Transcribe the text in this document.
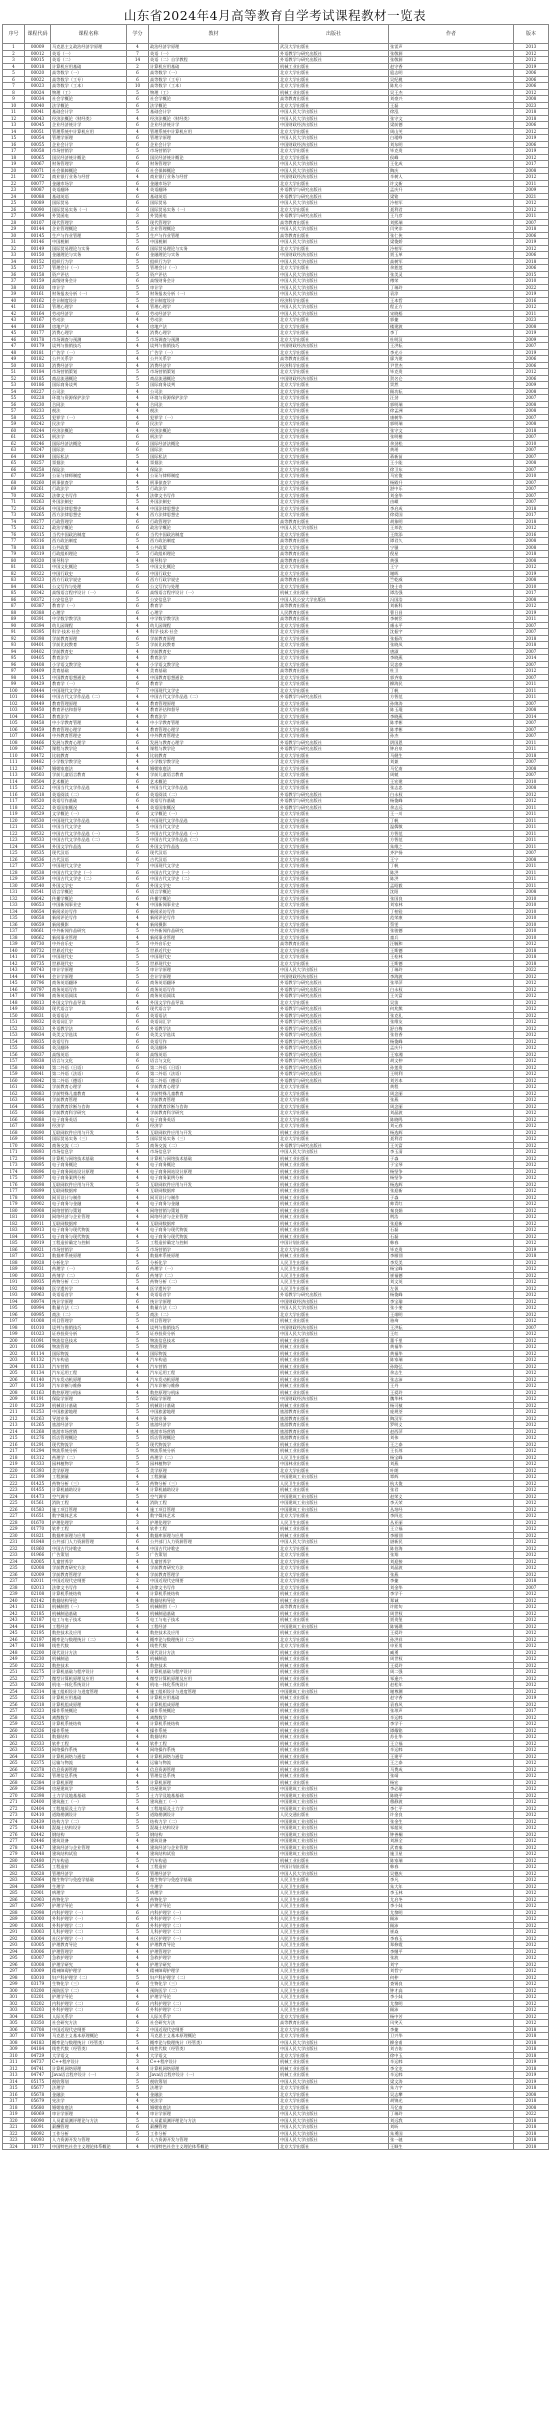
山东省2024年4月高等教育自学考试课程教材一览表
序号	课程代码	课程名称	学分	教材	出版社	作者	版本
1	00009	马克思主义政治经济学原理	4	政治经济学原理	武汉大学出版社	张雷声	2013
2	00012	英语（一）	7	英语（一）	外语教学与研究出版社	张敬源	2012
3	00015	英语（二）	14	英语（二）自学教程	外语教学与研究出版社	张敬源	2012
4	00018	计算机应用基础	2	计算机应用基础	机械工业出版社	赵守香	2019
5	00020	高等数学（一）	6	高等数学（一）	北京大学出版社	扈志明	2006
6	00022	高等数学（工专）	6	高等数学（工专）	北京大学出版社	吴纪桃	2006
7	00023	高等数学（工本）	10	高等数学（工本）	北京大学出版社	陈兆斗	2006
8	00024	物理（工）	5	物理（工）	机械工业出版社	吴王杰	2012
9	00034	社会学概论	6	社会学概论	高等教育出版社	刘豪兴	2008
10	00040	法学概论	6	法学概论	北京大学出版社	王磊	2023
11	00041	基础会计学	5	基础会计学	中国人民大学出版社	徐泓	2018
12	00043	经济法概论（财经类）	4	经济法概论（财经类）	中国人民大学出版社	张守文	2018
13	00045	企业经济统计学	6	企业经济统计学	中国财政经济出版社	梁前德	2006
14	00051	管理系统中计算机应用	4	管理系统中计算机应用	北京大学出版社	周山芙	2012
15	00054	管理学原理	6	管理学原理	中国人民大学出版社	白瑷峥	2019
16	00055	企业会计学	6	企业会计学	中国财政经济出版社	刘东明	2006
17	00058	市场营销学	5	市场营销学	北京大学出版社	毕克贵	2019
18	00065	国民经济统计概论	6	国民经济统计概论	北京大学出版社	侯峰	2012
19	00067	财务管理学	6	财务管理学	中国人民大学出版社	王化成	2017
20	00071	社会保障概论	6	社会保障概论	中国人民大学出版社	陶庆	2008
21	00072	商业银行业务与经营	4	商业银行业务与经营	中国财政经济出版社	辛树人	2012
22	00077	金融市场学	6	金融市场学	北京大学出版社	许文新	2011
23	00087	英语翻译	4	英语翻译	外语教学与研究出版社	孟庆升	2009
24	00088	基础英语	6	基础英语	外语教学与研究出版社	梁铭	2021
25	00089	国际贸易	6	国际贸易	中国人民大学出版社	冷柏军	2012
26	00090	国际贸易实务（一）	6	国际贸易实务（一）	北京大学出版社	聂利君	2012
27	00094	外贸函电	3	外贸函电	外语教学与研究出版社	王乃彦	2011
28	00107	现代管理学	6	现代管理学	高等教育出版社	刘熙瑞	2007
29	00144	企业管理概论	5	企业管理概论	中国人民大学出版社	闫笑非	2018
30	00145	生产与作业管理	5	生产与作业管理	高等教育出版社	张仁侠	2006
31	00146	中国税制	5	中国税制	中国人民大学出版社	梁俊娇	2019
32	00149	国际贸易理论与实务	6	国际贸易理论与实务	北京大学出版社	冷柏军	2012
33	00150	金融理论与实务	6	金融理论与实务	中国财政经济出版社	贾玉革	2006
34	00152	组织行为学	5	组织行为学	中国人民大学出版社	高树军	2018
35	00157	管理会计（一）	5	管理会计（一）	北京大学出版社	余恕莲	2006
36	00158	资产评估	5	资产评估	中国人民大学出版社	张美灵	2015
37	00159	高级财务会计	6	高级财务会计	中国人民大学出版社	傅荣	2010
38	00160	审计学	5	审计学	中国人民大学出版社	丁瑞玲	2022
39	00161	财务报表分析（一）	5	财务报表分析（一）	中国人民大学出版社	袁淳	2019
40	00162	会计制度设计	5	会计制度设计	经济科学出版社	王本哲	2016
41	00163	管理心理学	4	管理心理学	中国人民大学出版社	程正方	2012
42	00164	劳动经济学	6	劳动经济学	中国人民大学出版社	宋晓梧	2011
43	00167	劳动法	4	劳动法	北京大学出版社	郭捷	2023
44	00169	房地产法	4	房地产法	北京大学出版社	楼建波	2008
45	00177	消费心理学	4	消费心理学	北京大学出版社	李丁	2019
46	00178	市场调查与预测	5	市场调查与预测	北京大学出版社	杜明汉	2009
47	00179	谈判与推销技巧	4	谈判与推销技巧	中国财政经济出版社	王洪耘	2007
48	00181	广告学（一）	5	广告学（一）	北京大学出版社	李光斗	2019
49	00182	公共关系学	4	公共关系学	高等教育出版社	廖为建	2006
50	00183	消费经济学	4	消费经济学	经济科学出版社	尹世杰	2006
51	00184	市场营销策划	5	市场营销策划	北京大学出版社	毕克贵	2012
52	00185	商品流通概论	5	商品流通概论	中国财政经济出版社	贺名仑	2006
53	00186	国际商务谈判	5	国际商务谈判	北京大学出版社	窦然	2009
54	00227	公司法	4	公司法	北京大学出版社	顾功耘	2008
55	00228	环境与资源保护法学	4	环境与资源保护法学	北京大学出版社	汪劲	2007
56	00230	合同法	4	合同法	北京大学出版社	郭明瑞	2008
57	00233	税法	4	税法	北京大学出版社	徐孟洲	2008
58	00235	犯罪学（一）	4	犯罪学（一）	北京大学出版社	康树华	2007
59	00242	民法学	6	民法学	北京大学出版社	郭明瑞	2008
60	00244	经济法概论	4	经济法概论	北京大学出版社	张守文	2018
61	00245	刑法学	6	刑法学	北京大学出版社	张明楷	2007
62	00246	国际经济法概论	6	国际经济法概论	北京大学出版社	余劲松	2010
63	00247	国际法	6	国际法	北京大学出版社	黄瑶	2007
64	00249	国际私法	5	国际私法	北京大学出版社	蒋新苗	2007
65	00257	票据法	4	票据法	北京大学出版社	王小能	2008
66	00258	保险法	4	保险法	北京大学出版社	徐卫东	2007
67	00259	公证与律师制度	4	公证与律师制度	北京大学出版社	马宏俊	2010
68	00260	刑事侦查学	4	刑事侦查学	北京大学出版社	杨殿升	2007
69	00261	行政法学	5	行政法学	北京大学出版社	湛中乐	2007
70	00262	法律文书写作	4	法律文书写作	北京大学出版社	刘金华	2007
71	00263	外国法制史	5	外国法制史	北京大学出版社	由嵘	2007
72	00264	中国法律思想史	4	中国法律思想史	北京大学出版社	李启成	2018
73	00265	西方法律思想史	4	西方法律思想史	北京大学出版社	徐爱国	2017
74	00277	行政管理学	6	行政管理学	高等教育出版社	胡象明	2018
75	00312	政治学概论	6	政治学概论	中国人民大学出版社	王邦佐	2012
76	00315	当代中国政治制度	6	当代中国政治制度	北京大学出版社	王续添	2016
77	00316	西方政治制度	5	西方政治制度	高等教育出版社	谭君久	2008
78	00318	公共政策	4	公共政策	北京大学出版社	宁骚	2008
79	00319	行政组织理论	5	行政组织理论	高等教育出版社	倪星	2018
80	00320	领导科学	4	领导科学	高等教育出版社	黄强	2008
81	00321	中国文化概论	5	中国文化概论	北京大学出版社	王宁	2012
82	00322	中国行政史	6	中国行政史	北京大学出版社	谢晖	2019
83	00323	西方行政学说史	6	西方行政学说史	高等教育出版社	竺乾威	2008
84	00341	公文写作与处理	6	公文写作与处理	北京大学出版社	饶士奇	2010
85	00342	高级语言程序设计（一）	6	高级语言程序设计（一）	机械工业出版社	谭浩强	2017
86	00372	公安信息学	5	公安信息学	中国人民公安大学出版社	冯国浩	2008
87	00387	教育学（一）	6	教育学	高等教育出版社	刘新科	2012
88	00388	心理学	6	心理学	人民教育出版社	曹日昌	2019
89	00391	中学数学教学法	4	中学数学教学法	高等教育出版社	李树臣	2011
90	00394	幼儿园课程	4	幼儿园课程	北京大学出版社	虞永平	2007
91	00395	科学·技术·社会	4	科学·技术·社会	北京大学出版社	沈振宇	2007
92	00398	学前教育原理	6	学前教育原理	北京大学出版社	张振改	2018
93	00401	学前比较教育	5	学前比较教育	北京大学出版社	张晓凤	2018
94	00402	学前教育史	4	学前教育史	北京大学出版社	唐淑	2007
95	00405	教育法学	4	教育法学	北京大学出版社	李晓燕	2014
96	00408	小学语文教学论	4	小学语文教学论	北京大学出版社	吴忠豪	2007
97	00409	美育基础	4	美育基础	高等教育出版社	杜卫	2012
98	00415	中国教育思想通论	4	中国教育思想通论	北京大学出版社	郭齐家	2007
99	00429	教育学（一）	6	教育学	北京大学出版社	柳海民	2011
100	00444	中国现代文学史	7	中国现代文学史	北京大学出版社	丁帆	2011
101	00446	中国古代文学作品选（二）	4	中国古代文学作品选（二）	外语教学与研究出版社	方智范	2011
102	00449	教育管理原理	4	教育管理原理	北京大学出版社	孙绵涛	2007
103	00450	教育评估和督导	4	教育评估和督导	北京大学出版社	陈玉琨	2008
104	00453	教育法学	4	教育法学	北京大学出版社	李晓燕	2014
105	00458	中小学教育管理	4	中小学教育管理	北京大学出版社	陈孝彬	2007
106	00459	教育管理心理学	4	教育管理心理学	北京大学出版社	陈孝彬	2007
107	00464	中外教育管理史	4	中外教育管理史	北京大学出版社	孙杰	2007
108	00466	发展与教育心理学	6	发展与教育心理学	外语教学与研究出版社	阴国恩	2011
109	00467	课程与教学论	4	课程与教学论	外语教学与研究出版社	钟启泉	2011
110	00472	比较教育	4	比较教育	北京大学出版社	马健生	2018
111	00482	小学数学教学论	4	小学数学教学论	北京大学出版社	刘兼	2007
112	00487	婚姻家庭法	4	婚姻家庭法	北京大学出版社	马忆南	2008
113	00503	学前儿童语言教育	4	学前儿童语言教育	北京大学出版社	周兢	2007
114	00504	艺术概论	6	艺术概论	北京大学出版社	王宏建	2010
115	00512	中国当代文学作品选	4	中国当代文学作品选	北京大学出版社	张志忠	2008
116	00518	英语阅读（二）	6	英语阅读（二）	外语教学与研究出版社	白永权	2012
117	00520	英语写作基础	6	英语写作基础	外语教学与研究出版社	杨俊峰	2012
118	00522	英语国家概况	4	英语国家概况	外语教学与研究出版社	余志远	2011
119	00529	文学概论（一）	6	文学概论（一）	北京大学出版社	王一川	2011
120	00530	中国现代文学作品选	4	中国现代文学作品选	北京大学出版社	丁帆	2011
121	00531	中国当代文学史	5	中国当代文学史	北京大学出版社	温儒敏	2011
122	00532	中国古代文学作品选（一）	5	中国古代文学作品选（一）	北京大学出版社	方智范	2011
123	00533	中国古代文学作品选（二）	5	中国古代文学作品选（二）	北京大学出版社	方智范	2011
124	00534	外国文学作品选	6	外国文学作品选	北京大学出版社	朱维之	2011
125	00535	现代汉语	6	现代汉语	北京大学出版社	齐沪扬	2007
126	00536	古代汉语	6	古代汉语	北京大学出版社	王宁	2008
127	00537	中国现代文学史	7	中国现代文学史	北京大学出版社	丁帆	2011
128	00538	中国古代文学史（一）	6	中国古代文学史（一）	北京大学出版社	陈洪	2011
129	00539	中国古代文学史（二）	6	中国古代文学史（二）	北京大学出版社	陈洪	2011
130	00540	外国文学史	6	外国文学史	北京大学出版社	孟昭毅	2011
131	00541	语言学概论	6	语言学概论	北京大学出版社	沈阳	2008
132	00642	传播学概论	6	传播学概论	北京大学出版社	张国良	2010
133	00653	中国新闻事业史	4	中国新闻事业史	北京大学出版社	刘家林	2010
134	00654	新闻采访写作	6	新闻采访写作	北京大学出版社	丁柏铨	2010
135	00658	新闻评论写作	4	新闻评论写作	北京大学出版社	范荣康	2010
136	00659	新闻摄影	4	新闻摄影	北京大学出版社	蔡雯	2010
137	00661	中外新闻作品研究	5	中外新闻作品研究	北京大学出版社	张骏德	2010
138	00662	新闻事业管理	4	新闻事业管理	北京大学出版社	童兵	2010
139	00730	中外音乐史	5	中外音乐史	高等教育出版社	汪毓和	2012
140	00732	世界近代史	5	世界近代史	北京大学出版社	王斯德	2018
141	00734	中国现代史	5	中国现代史	北京大学出版社	王桧林	2018
142	00735	世界现代史	5	世界现代史	北京大学出版社	王斯德	2018
143	00743	审计学原理	5	审计学原理	中国人民大学出版社	丁瑞玲	2022
144	00744	会计学原理	5	会计学原理	中国财政经济出版社	李海波	2012
145	00796	商务英语翻译	6	商务英语翻译	外语教学与研究出版社	张翠萍	2012
146	00797	商务英语写作	6	商务英语写作	外语教学与研究出版社	白永权	2012
147	00798	商务英语阅读	6	商务英语阅读	外语教学与研究出版社	王关富	2012
148	00813	外国文学作品导读	4	外国文学作品导读	北京大学出版社	吴笛	2012
149	00830	现代语言学	6	现代语言学	外语教学与研究出版社	何兆熊	2012
150	00831	英语语法	6	英语语法	外语教学与研究出版社	张克礼	2012
151	00832	英语词汇学	6	英语词汇学	外语教学与研究出版社	张维友	2012
152	00833	外语教学法	6	外语教学法	外语教学与研究出版社	舒白梅	2012
153	00834	英美文学选读	6	英美文学选读	外语教学与研究出版社	张伯香	2012
154	00835	英语写作	6	英语写作	外语教学与研究出版社	杨俊峰	2012
155	00836	英汉翻译	6	英汉翻译	外语教学与研究出版社	孟庆升	2012
156	00837	高级英语	8	高级英语	外语教学与研究出版社	王家湘	2012
157	00838	语言与文化	6	语言与文化	外语教学与研究出版社	胡文仲	2012
158	00840	第二外语（日语）	6	第二外语（日语）	外语教学与研究出版社	孙莲贵	2012
159	00841	第二外语（法语）	6	第二外语（法语）	外语教学与研究出版社	王明利	2012
160	00842	第二外语（德语）	6	第二外语（德语）	外语教学与研究出版社	刘芳本	2012
161	00882	学前教育心理学	4	学前教育心理学	北京大学出版社	黄程	2012
162	00883	学前特殊儿童教育	4	学前特殊儿童教育	北京大学出版社	周念丽	2012
163	00884	学前教育管理	4	学前教育管理	北京大学出版社	张燕	2012
164	00885	学前教育诊断与咨询	4	学前教育诊断与咨询	北京大学出版社	周念丽	2012
165	00886	学前教育科学研究	4	学前教育科学研究	北京大学出版社	刘晶波	2012
166	00888	电子商务英语	4	电子商务英语	北京大学出版社	陈晓鸣	2012
167	00889	经济学	6	经济学	北京大学出版社	刘元春	2012
168	00890	互联网软件应用与开发	4	互联网软件应用与开发	机械工业出版社	杨选辉	2012
169	00891	国际贸易实务（三）	5	国际贸易实务（三）	北京大学出版社	聂利君	2012
170	00892	商务交流（二）	5	商务交流（二）	外语教学与研究出版社	王关富	2012
171	00893	市场信息学	4	市场信息学	中国人民大学出版社	李玉清	2012
172	00894	计算机与网络技术基础	4	计算机与网络技术基础	机械工业出版社	于淼	2012
173	00895	电子商务概论	4	电子商务概论	机械工业出版社	于宝琴	2012
174	00896	电子商务网站设计原理	4	电子商务网站设计原理	机械工业出版社	杨坚争	2012
175	00897	电子商务案例分析	4	电子商务案例分析	机械工业出版社	杨坚争	2012
176	00898	互联网软件应用与开发	5	互联网软件应用与开发	机械工业出版社	杨选辉	2012
177	00899	互联网数据库	4	互联网数据库	机械工业出版社	张迎新	2012
178	00900	网页设计与制作	4	网页设计与制作	机械工业出版社	于淼	2012
179	00902	电子商务与金融	4	电子商务与金融	机械工业出版社	帅青红	2012
180	00908	网络营销与策划	4	网络营销与策划	机械工业出版社	秦良娟	2012
181	00910	网络经济与企业管理	4	网络经济与企业管理	机械工业出版社	荆浩	2012
182	00911	互联网数据库	4	互联网数据库	机械工业出版社	张迎新	2012
183	00913	电子商务与现代物流	4	电子商务与现代物流	机械工业出版社	石磊	2012
184	00915	电子商务与现代物流	4	电子商务与现代物流	机械工业出版社	石磊	2012
185	00919	工程造价确定与控制	5	工程造价确定与控制	中国计划出版社	韩春	2012
186	00921	市场营销学	5	市场营销学	北京大学出版社	毕克贵	2019
187	00923	数据库系统原理	4	数据库系统原理	机械工业出版社	李雁翎	2018
188	00928	分析化学	5	分析化学	人民卫生出版社	李发美	2012
189	00931	药理学（一）	6	药理学（一）	人民卫生出版社	杨宝峰	2012
190	00933	药剂学（二）	6	药剂学（二）	人民卫生出版社	崔福德	2012
191	00935	药物分析（二）	5	药物分析（二）	人民卫生出版社	刘文英	2012
192	00940	医学遗传学	4	医学遗传学	人民卫生出版社	左伋	2012
193	00963	英语语音学	4	英语语音学	外语教学与研究出版社	杨俊峰	2012
194	00974	统计学原理	6	统计学原理	中国财政经济出版社	李宝瑜	2012
195	00994	数量方法（二）	4	数量方法（二）	中国人民大学出版社	张小斐	2012
196	00995	商法（二）	5	商法（二）	北京大学出版社	王翊明	2012
197	01008	项目管理学	5	项目管理学	机械工业出版社	骆珣	2012
198	01010	谈判与推销技巧	4	谈判与推销技巧	中国财政经济出版社	王洪耘	2007
199	01023	证券投资分析	5	证券投资分析	中国人民大学出版社	王红	2012
200	01091	物流信息技术	5	物流信息技术	机械工业出版社	董千里	2012
201	01096	物流管理	5	物流管理	机械工业出版社	黄福华	2012
202	01114	国际物流	4	国际物流	机械工业出版社	黄福华	2012
203	01132	汽车构造	4	汽车构造	机械工业出版社	陈家瑞	2012
204	01133	汽车营销	4	汽车营销	机械工业出版社	孙路弘	2012
205	01134	汽车运用工程	4	汽车运用工程	机械工业出版社	余志生	2012
206	01140	汽车发动机原理	4	汽车发动机原理	机械工业出版社	张志沛	2012
207	01150	汽车诊断与维修	4	汽车诊断与维修	机械工业出版社	王丹	2012
208	01163	数控原理与机床	4	数控原理与机床	机械工业出版社	王爱玲	2012
209	01191	保险学原理	5	保险学原理	中国财政经济出版社	魏华林	2012
210	01229	机械设计基础	5	机械设计基础	机械工业出版社	杨可桢	2012
211	01253	中国旅游地理	5	中国旅游地理	旅游教育出版社	庞规荃	2012
212	01263	导游业务	4	导游业务	旅游教育出版社	陶汉军	2012
213	01265	旅游经济学	5	旅游经济学	旅游教育出版社	罗明义	2012
214	01268	旅游市场营销	4	旅游市场营销	旅游教育出版社	赵西萍	2012
215	01276	饭店管理概论	5	饭店管理概论	旅游教育出版社	刘伟	2012
216	01291	现代物流学	5	现代物流学	机械工业出版社	王之泰	2012
217	01294	物流系统分析	5	物流系统分析	机械工业出版社	王长琼	2012
218	01312	药理学（二）	5	药理学（二）	人民卫生出版社	杨宝峰	2012
219	01333	园林植物学	5	园林植物学	中国林业出版社	刘燕	2012
220	01393	美学原理	5	美学原理	北京大学出版社	叶朗	2012
221	01399	工程测量	4	工程测量	中国建筑工业出版社	覃辉	2012
222	01425	药物分析（三）	5	药物分析（三）	人民卫生出版社	杭太俊	2012
223	01455	计算机辅助设计	4	计算机辅助设计	机械工业出版社	张君	2012
224	01473	空气调节	5	空气调节	中国建筑工业出版社	赵荣义	2012
225	01561	消防工程	4	消防工程	中国建筑工业出版社	李天荣	2012
226	01583	施工项目管理	4	施工项目管理	中国建筑工业出版社	丛培经	2012
227	01651	数字媒体艺术	4	数字媒体艺术	北京大学出版社	李四达	2012
228	01670	护理伦理学	3	护理伦理学	人民卫生出版社	丛亚丽	2012
229	01770	软件工程	4	软件工程	机械工业出版社	王立福	2012
230	01821	数据库原理与应用	4	数据库原理与应用	机械工业出版社	李雁翎	2012
231	01848	公共部门人力资源管理	6	公共部门人力资源管理	中国人民大学出版社	谌新民	2012
232	01860	中国古代诗歌史	4	中国古代诗歌史	北京大学出版社	陈伯海	2012
233	01966	广告策划	5	广告策划	北京大学出版社	张翔	2012
234	02005	儿童营养学	4	儿童营养学	北京大学出版社	刘迎接	2012
235	02008	学前教育研究方法	4	学前教育研究方法	北京大学出版社	刘晶波	2012
236	02009	学前教育管理学	4	学前教育管理学	北京大学出版社	张燕	2012
237	02011	中国近现代史纲要	2	中国近现代史纲要	北京大学出版社	李捷	2018
238	02013	法律文书写作	4	法律文书写作	北京大学出版社	刘金华	2007
239	02108	计算机系统结构	4	计算机系统结构	机械工业出版社	李学干	2012
240	02142	数据结构导论	4	数据结构导论	机械工业出版社	郑诚	2012
241	02183	机械制图（一）	5	机械制图（一）	高等教育出版社	许睦旬	2012
242	02185	机械制造基础	4	机械制造基础	机械工业出版社	周世权	2012
243	02187	电工与电子技术	5	电工与电子技术	机械工业出版社	贾贵玺	2012
244	02194	工程经济	4	工程经济	中国建筑工业出版社	陈锡璞	2012
245	02195	数控技术及应用	4	数控技术及应用	机械工业出版社	王爱玲	2012
246	02197	概率论与数理统计（二）	4	概率论与数理统计（二）	北京大学出版社	孙洪祥	2012
247	02198	线性代数	4	线性代数	北京大学出版社	申亚男	2012
248	02200	现代设计方法	4	现代设计方法	机械工业出版社	臧勇	2012
249	02230	机械制造	5	机械制造	机械工业出版社	周世权	2012
250	02232	数控技术	4	数控技术	机械工业出版社	王爱玲	2012
251	02275	计算机基础与程序设计	4	计算机基础与程序设计	机械工业出版社	周二强	2012
252	02277	微型计算机原理及应用	4	微型计算机原理及应用	机械工业出版社	邹逢兴	2012
253	02300	机电一体化系统设计	4	机电一体化系统设计	机械工业出版社	赵松年	2012
254	02314	施工组织设计与进度管理	4	施工组织设计与进度管理	中国建筑工业出版社	谢尊渊	2012
255	02316	计算机应用基础	4	计算机应用基础	机械工业出版社	赵守香	2019
256	02318	计算机组成原理	4	计算机组成原理	机械工业出版社	袁春风	2012
257	02323	操作系统概论	4	操作系统概论	机械工业出版社	张琼声	2017
258	02324	离散数学	4	离散数学	机械工业出版社	辛运帏	2012
259	02325	计算机系统结构	4	计算机系统结构	机械工业出版社	李学干	2012
260	02326	操作系统	4	操作系统	机械工业出版社	谭耀铭	2012
261	02331	数据结构	4	数据结构	机械工业出版社	苏仕华	2012
262	02333	软件工程	4	软件工程	机械工业出版社	王立福	2012
263	02335	网络操作系统	4	网络操作系统	机械工业出版社	辛运帏	2012
264	02339	计算机网络与通信	4	计算机网络与通信	机械工业出版社	王建平	2012
265	02375	运输与物流	4	运输与物流	机械工业出版社	王之泰	2012
266	02378	信息资源管理	4	信息资源管理	机械工业出版社	马费成	2012
267	02382	管理信息系统	4	管理信息系统	机械工业出版社	张靖	2012
268	02384	计算机原理	4	计算机原理	机械工业出版社	杨宏	2012
269	02394	房屋建筑学	5	房屋建筑学	中国建筑工业出版社	李必瑜	2012
270	02398	土力学及地基基础	5	土力学及地基基础	中国建筑工业出版社	陈晓平	2012
271	02400	建筑施工（一）	5	建筑施工（一）	中国建筑工业出版社	穆静波	2012
272	02404	工程地质及土力学	4	工程地质及土力学	中国建筑工业出版社	李仁平	2012
273	02410	道路勘测设计	5	道路勘测设计	人民交通出版社	许金良	2012
274	02439	结构力学（二）	5	结构力学（二）	中国建筑工业出版社	张金生	2012
275	02440	混凝土结构设计	5	混凝土结构设计	中国建筑工业出版社	邹超英	2012
276	02442	钢结构	5	钢结构	中国建筑工业出版社	钟善桐	2012
277	02446	建筑设备	4	建筑设备	中国建筑工业出版社	刘源全	2012
278	02447	建筑经济与企业管理	4	建筑经济与企业管理	中国建筑工业出版社	武育秦	2012
279	02448	建筑结构试验	4	建筑结构试验	中国建筑工业出版社	施卫星	2012
280	02480	汽车构造	5	汽车构造	机械工业出版社	陈家瑞	2012
281	02585	工程造价	4	工程造价	中国计划出版社	韩春	2012
282	02628	管理经济学	6	管理经济学	中国人民大学出版社	吴德庆	2012
283	02864	微生物学与免疫学基础	5	微生物学与免疫学基础	人民卫生出版社	李凡	2012
284	02899	生理学	4	生理学	人民卫生出版社	朱大年	2012
285	02901	病理学	5	病理学	人民卫生出版社	李玉林	2012
286	02903	药物化学	5	药物化学	人民卫生出版社	尤启冬	2012
287	02997	护理学导论	4	护理学导论	人民卫生出版社	李小妹	2012
288	02998	内科护理学（一）	6	内科护理学（一）	人民卫生出版社	尤黎明	2012
289	03000	外科护理学（一）	6	外科护理学（一）	人民卫生出版社	顾沛	2012
290	03001	外科护理学（二）	6	外科护理学（二）	人民卫生出版社	顾沛	2012
291	03003	儿科护理学（二）	5	儿科护理学（二）	人民卫生出版社	崔焱	2012
292	03004	社区护理学（一）	4	社区护理学（一）	人民卫生出版社	李春玉	2012
293	03005	护理教育导论	4	护理教育导论	人民卫生出版社	郑修霞	2012
294	03006	护理管理学	4	护理管理学	人民卫生出版社	李继平	2012
295	03007	急救护理学	4	急救护理学	人民卫生出版社	张波	2012
296	03008	护理学研究	4	护理学研究	人民卫生出版社	刘宇	2012
297	03009	精神障碍护理学	4	精神障碍护理学	人民卫生出版社	刘哲宁	2012
298	03010	妇产科护理学（二）	5	妇产科护理学（二）	人民卫生出版社	何仲	2012
299	03179	生物化学（三）	6	生物化学（三）	人民卫生出版社	查锡良	2012
300	03200	预防医学（二）	4	预防医学（二）	人民卫生出版社	钟才高	2012
301	03201	护理学导论	4	护理学导论	人民卫生出版社	李小妹	2012
302	03202	内科护理学（二）	6	内科护理学（二）	人民卫生出版社	尤黎明	2012
303	03203	外科护理学（二）	6	外科护理学（二）	人民卫生出版社	顾沛	2012
304	03291	人际关系学	4	人际关系学	北京大学出版社	杨中芳	2012
305	03350	社会研究方法	6	社会研究方法	高等教育出版社	风笑天	2012
306	03708	中国近现代史纲要	2	中国近现代史纲要	北京大学出版社	李捷	2018
307	03709	马克思主义基本原理概论	4	马克思主义基本原理概论	北京大学出版社	卫兴华	2018
308	04183	概率论与数理统计（经管类）	5	概率论与数理统计（经管类）	中国人民大学出版社	柳金甫	2018
309	04184	线性代数（经管类）	4	线性代数（经管类）	中国人民大学出版社	刘吉佑	2018
310	04729	大学语文	4	大学语文	北京大学出版社	徐中玉	2018
311	04737	C++程序设计	3	C++程序设计	机械工业出版社	辛运帏	2019
312	04741	计算机网络原理	4	计算机网络原理	机械工业出版社	李全龙	2018
313	04747	Java语言程序设计（一）	3	Java语言程序设计（一）	机械工业出版社	辛运帏	2019
314	05175	税收筹划	5	税收筹划	中国人民大学出版社	梁文涛	2019
315	05677	法理学	5	法理学	北京大学出版社	朱力宇	2018
316	05678	金融法	4	金融法	北京大学出版社	吴志攀	2008
317	05679	宪法学	4	宪法学	北京大学出版社	胡锦光	2018
318	05680	婚姻家庭法	4	婚姻家庭法	北京大学出版社	马忆南	2008
319	06069	审计学原理	4	审计学原理	中国人民大学出版社	丁瑞玲	2022
320	06090	人员素质测评理论与方法	5	人员素质测评理论与方法	中国人民大学出版社	刘远我	2018
321	06091	薪酬管理	6	薪酬管理	中国人民大学出版社	刘昕	2018
322	06092	工作分析	5	工作分析	中国人民大学出版社	朱勇国	2018
323	06093	人力资源开发与管理	6	人力资源开发与管理	中国人民大学出版社	张一驰	2018
324	10177	中国特色社会主义理论体系概论	4	中国特色社会主义理论体系概论	北京大学出版社	王顺生	2018
